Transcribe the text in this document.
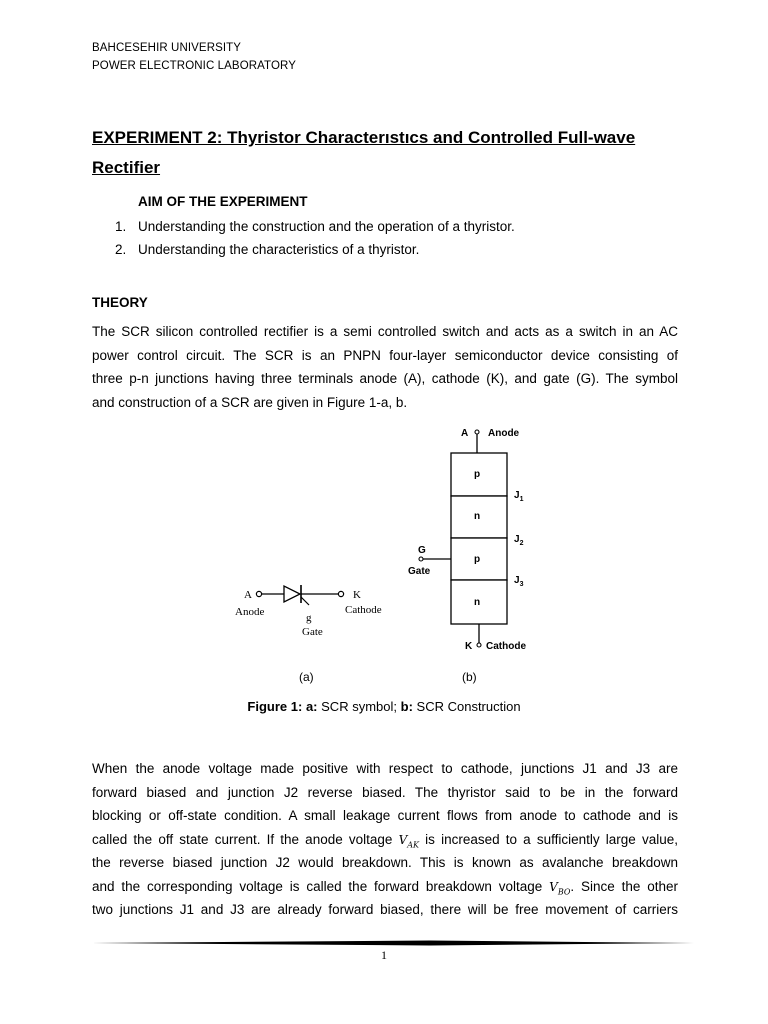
BAHCESEHIR UNIVERSITY
POWER ELECTRONIC LABORATORY
EXPERIMENT 2: Thyristor Characterıstıcs and Controlled Full-wave
Rectifier
AIM OF THE EXPERIMENT
1. Understanding the construction and the operation of a thyristor.
2. Understanding the characteristics of a thyristor.
THEORY
The SCR silicon controlled rectifier is a semi controlled switch and acts as a switch in an AC
power control circuit. The SCR is an PNPN four-layer semiconductor device consisting of
three p-n junctions having three terminals anode (A), cathode (K), and gate (G). The symbol
and construction of a SCR are given in Figure 1-a, b.
A
Anode
K
Cathode
g
Gate
A Anode
p
n
p
n
$J_1$
$J_2$
$J_3$
G
Gate
K Cathode
(a)	(b)
Figure 1: a: SCR symbol; b: SCR Construction
When the anode voltage made positive with respect to cathode, junctions J1 and J3 are
forward biased and junction J2 reverse biased. The thyristor said to be in the forward
blocking or off-state condition. A small leakage current flows from anode to cathode and is
called the off state current. If the anode voltage $V_{AK}$ is increased to a sufficiently large value,
the reverse biased junction J2 would breakdown. This is known as avalanche breakdown
and the corresponding voltage is called the forward breakdown voltage $V_{BO}$. Since the other
two junctions J1 and J3 are already forward biased, there will be free movement of carriers
1
